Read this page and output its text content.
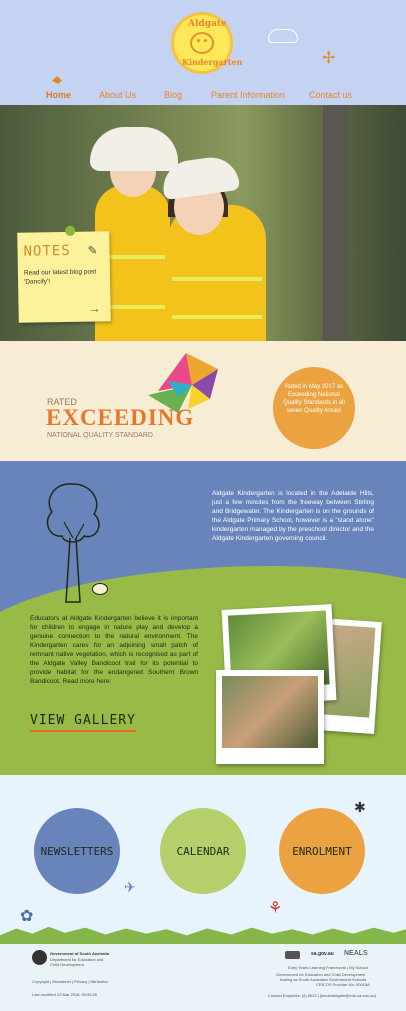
Aldgate
Kindergarten	✢
Home	About Us	Blog	Parent Information	Contact us
NOTES ✎
Read our latest blog post
'Dancify'!
→
RATED
EXCEEDING
NATIONAL QUALITY STANDARD
Rated in May 2017 as Exceeding National Quality Standards in all seven Quality Areas!
Aldgate Kindergarten is located in the Adelaide Hills, just a few minutes from the freeway between Stirling and Bridgewater. The Kindergarten is on the grounds of the Aldgate Primary School, however is a "stand alone" kindergarten managed by the preschool director and the Aldgate Kindergarten governing council.
Educators at Aldgate Kindergarten believe it is important for children to engage in nature play and develop a genuine connection to the natural environment. The Kindergarten cares for an adjoining small patch of remnant native vegetation, which is recognised as part of the Aldgate Valley Bandicoot trail for its potential to provide habitat for the endangered Southern Brown Bandicoot. Read more here:
VIEW GALLERY
✱
✈
NEWSLETTERS	CALENDAR	ENROLMENT
✿	⚘
Government of South Australia
Department for Education and
Child Development
Copyright | Disclaimer | Privacy | Attribution
Last modified 23 Mar 2018, 09:55:25
sa.gov.au NEALS
Early Years Learning Framework | My School
Government for Education and Child Development
trading as South Australian Government Schools
CRICOS Provider No: 00018A
Contact Enquiries: (8) 8622 | (kinderaldgate@edu.sa.edu.au)
